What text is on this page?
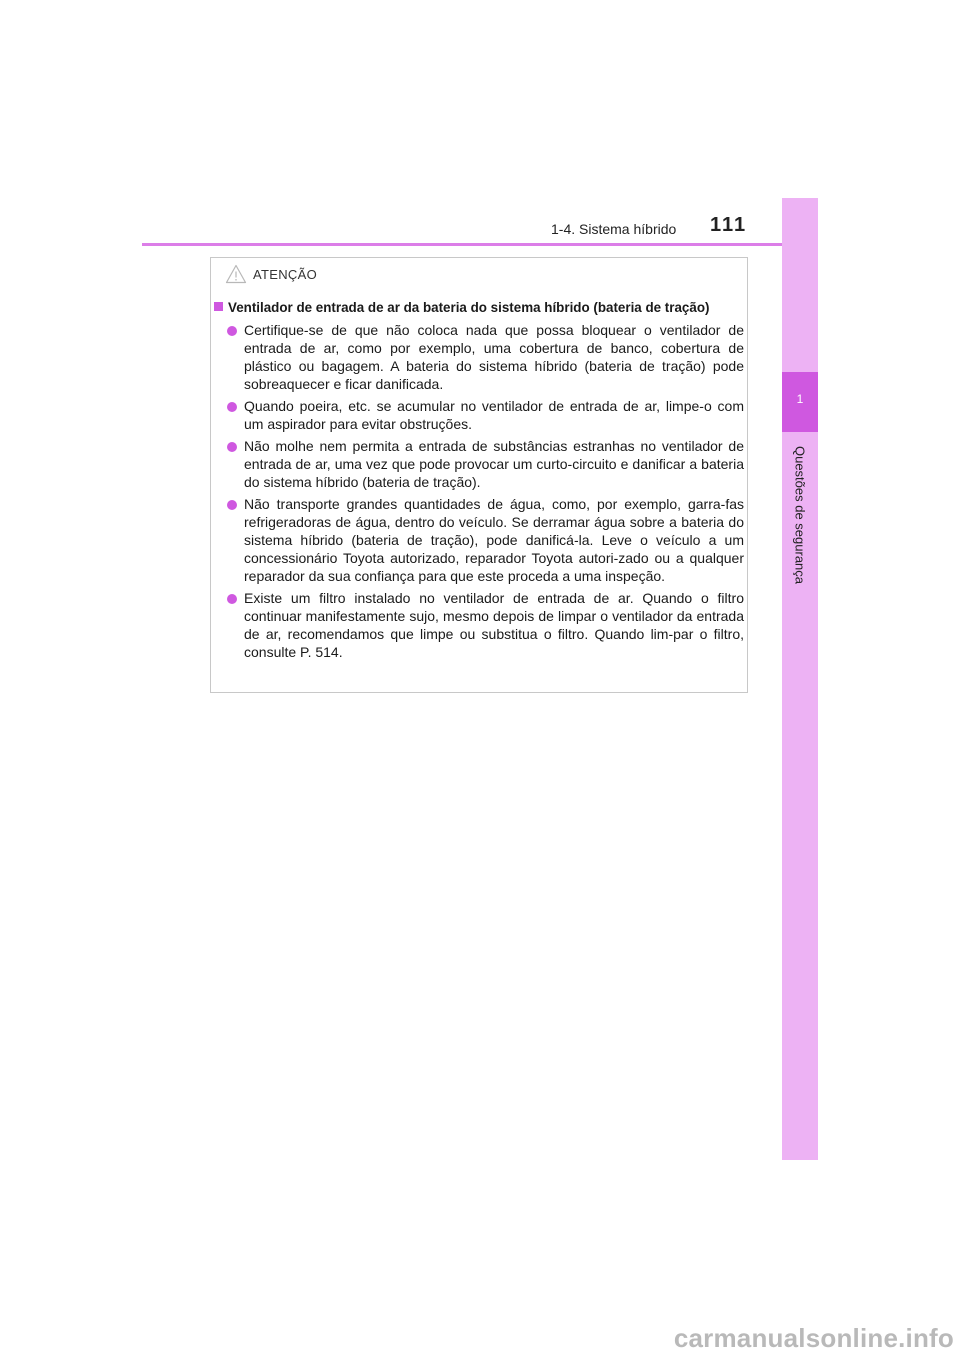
1-4. Sistema híbrido 111
1
Questões de segurança
ATENÇÃO
Ventilador de entrada de ar da bateria do sistema híbrido (bateria de tração)
Certifique-se de que não coloca nada que possa bloquear o ventilador de entrada de ar, como por exemplo, uma cobertura de banco, cobertura de plástico ou bagagem. A bateria do sistema híbrido (bateria de tração) pode sobreaquecer e ficar danificada.
Quando poeira, etc. se acumular no ventilador de entrada de ar, limpe-o com um aspirador para evitar obstruções.
Não molhe nem permita a entrada de substâncias estranhas no ventilador de entrada de ar, uma vez que pode provocar um curto-circuito e danificar a bateria do sistema híbrido (bateria de tração).
Não transporte grandes quantidades de água, como, por exemplo, garra-fas refrigeradoras de água, dentro do veículo. Se derramar água sobre a bateria do sistema híbrido (bateria de tração), pode danificá-la. Leve o veículo a um concessionário Toyota autorizado, reparador Toyota autori-zado ou a qualquer reparador da sua confiança para que este proceda a uma inspeção.
Existe um filtro instalado no ventilador de entrada de ar. Quando o filtro continuar manifestamente sujo, mesmo depois de limpar o ventilador da entrada de ar, recomendamos que limpe ou substitua o filtro. Quando lim-par o filtro, consulte P. 514.
carmanualsonline.info
